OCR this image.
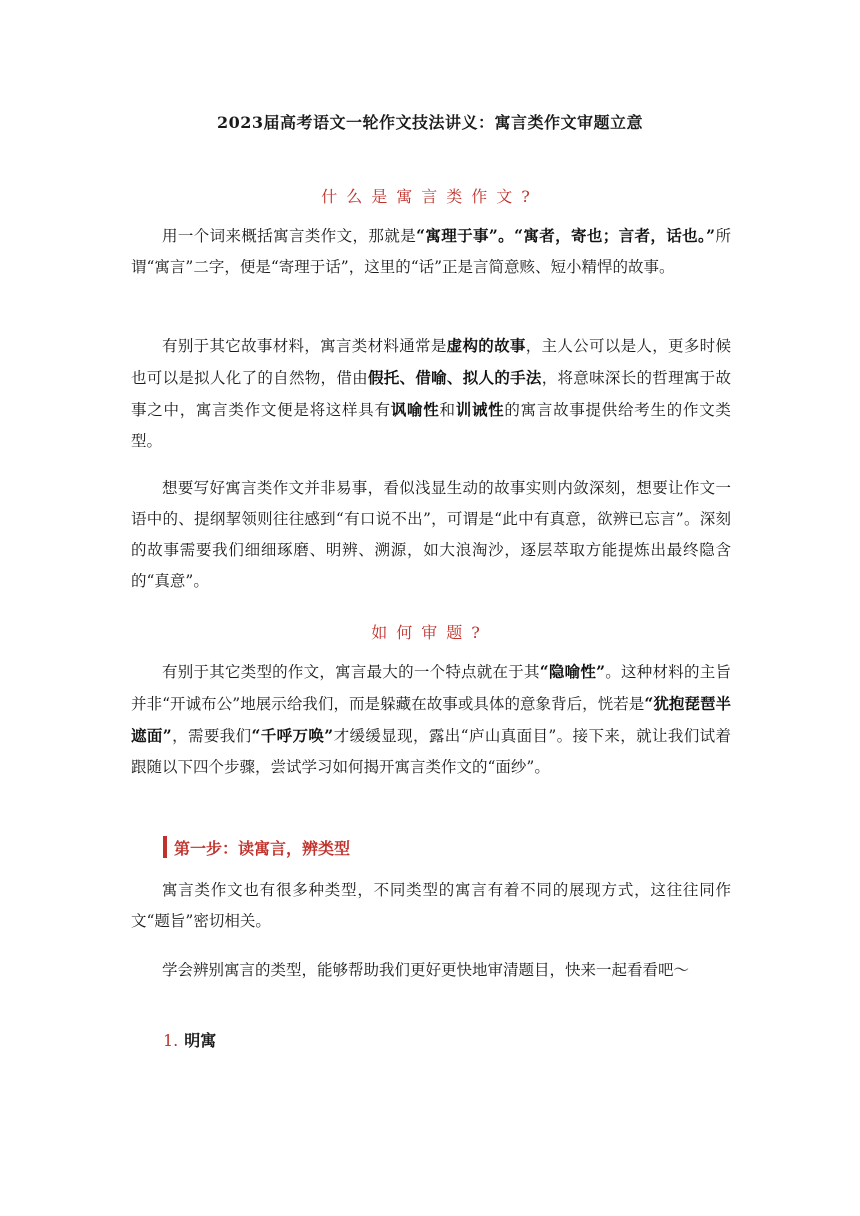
2023届高考语文一轮作文技法讲义：寓言类作文审题立意
什么是寓言类作文?

用一个词来概括寓言类作文，那就是“寓理于事”。“寓者，寄也；言者，话也。”所谓“寓言”二字，便是“寄理于话”，这里的“话”正是言简意赅、短小精悍的故事。

有别于其它故事材料，寓言类材料通常是虚构的故事，主人公可以是人，更多时候也可以是拟人化了的自然物，借由假托、借喻、拟人的手法，将意味深长的哲理寓于故事之中，寓言类作文便是将这样具有讽喻性和训诫性的寓言故事提供给考生的作文类型。

想要写好寓言类作文并非易事，看似浅显生动的故事实则内敛深刻，想要让作文一语中的、提纲挈领则往往感到“有口说不出”，可谓是“此中有真意，欲辨已忘言”。深刻的故事需要我们细细琢磨、明辨、溯源，如大浪淘沙，逐层萃取方能提炼出最终隐含的“真意”。

如何审题?

有别于其它类型的作文，寓言最大的一个特点就在于其“隐喻性”。这种材料的主旨并非“开诚布公”地展示给我们，而是躲藏在故事或具体的意象背后，恍若是“犹抱琵琶半遮面”，需要我们“千呼万唤”才缓缓显现，露出“庐山真面目”。接下来，就让我们试着跟随以下四个步骤，尝试学习如何揭开寓言类作文的“面纱”。

第一步：读寓言，辨类型

寓言类作文也有很多种类型，不同类型的寓言有着不同的展现方式，这往往同作文“题旨”密切相关。

学会辨别寓言的类型，能够帮助我们更好更快地审清题目，快来一起看看吧～

1. 明寓
